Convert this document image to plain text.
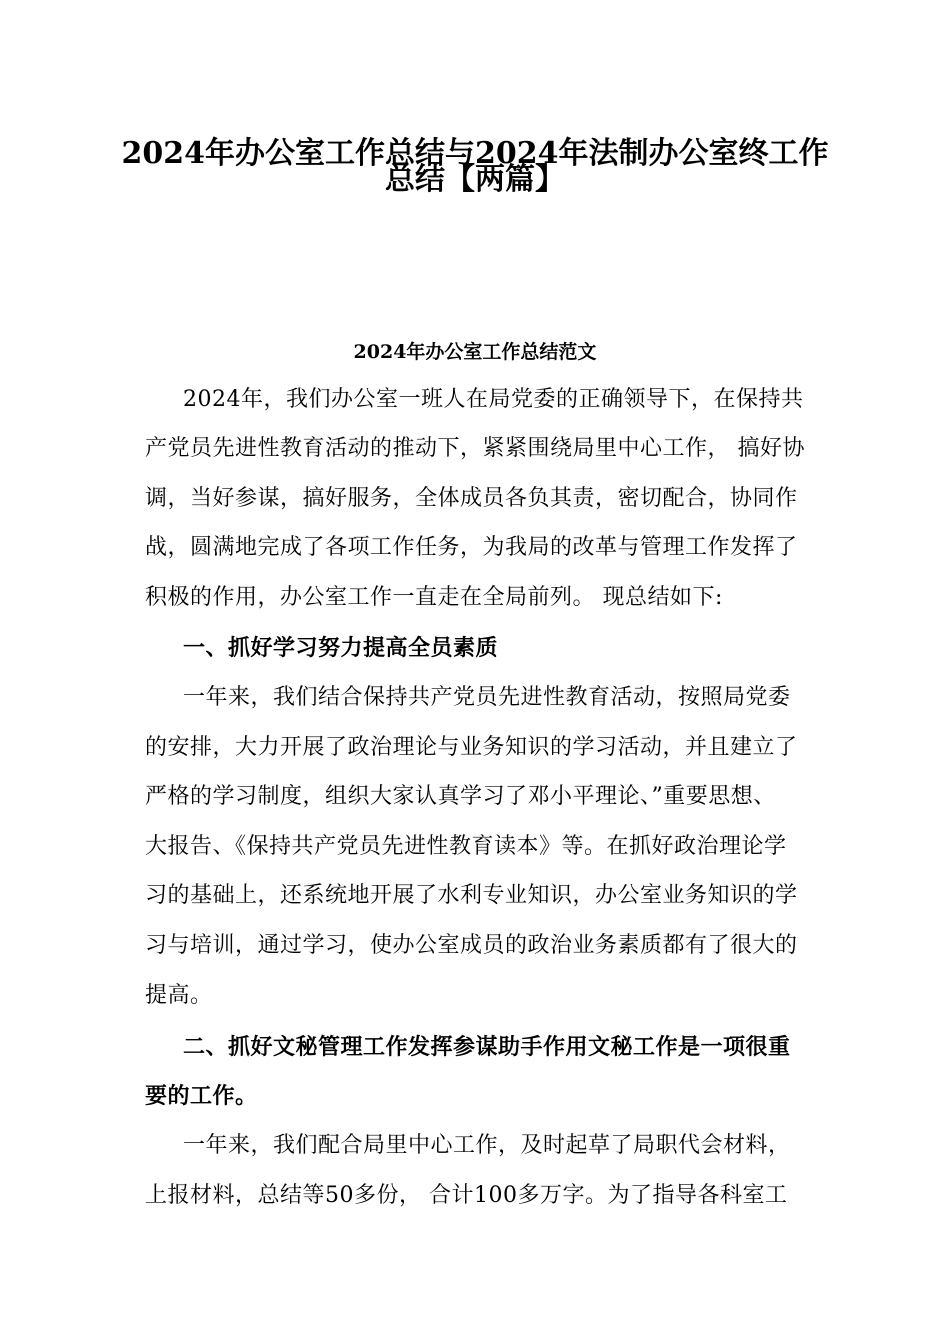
2024年办公室工作总结与2024年法制办公室终工作
总结【两篇】
2024年办公室工作总结范文
2024年，我们办公室一班人在局党委的正确领导下，在保持共
产党员先进性教育活动的推动下，紧紧围绕局里中心工作， 搞好协
调，当好参谋，搞好服务，全体成员各负其责，密切配合，协同作
战，圆满地完成了各项工作任务，为我局的改革与管理工作发挥了
积极的作用，办公室工作一直走在全局前列。 现总结如下:
一、抓好学习努力提高全员素质
一年来，我们结合保持共产党员先进性教育活动，按照局党委
的安排，大力开展了政治理论与业务知识的学习活动，并且建立了
严格的学习制度，组织大家认真学习了邓小平理论、”重要思想、
大报告、《保持共产党员先进性教育读本》等。在抓好政治理论学
习的基础上，还系统地开展了水利专业知识，办公室业务知识的学
习与培训，通过学习，使办公室成员的政治业务素质都有了很大的
提高。
二、抓好文秘管理工作发挥参谋助手作用文秘工作是一项很重
要的工作。
一年来，我们配合局里中心工作，及时起草了局职代会材料，
上报材料，总结等50多份， 合计100多万字。为了指导各科室工
